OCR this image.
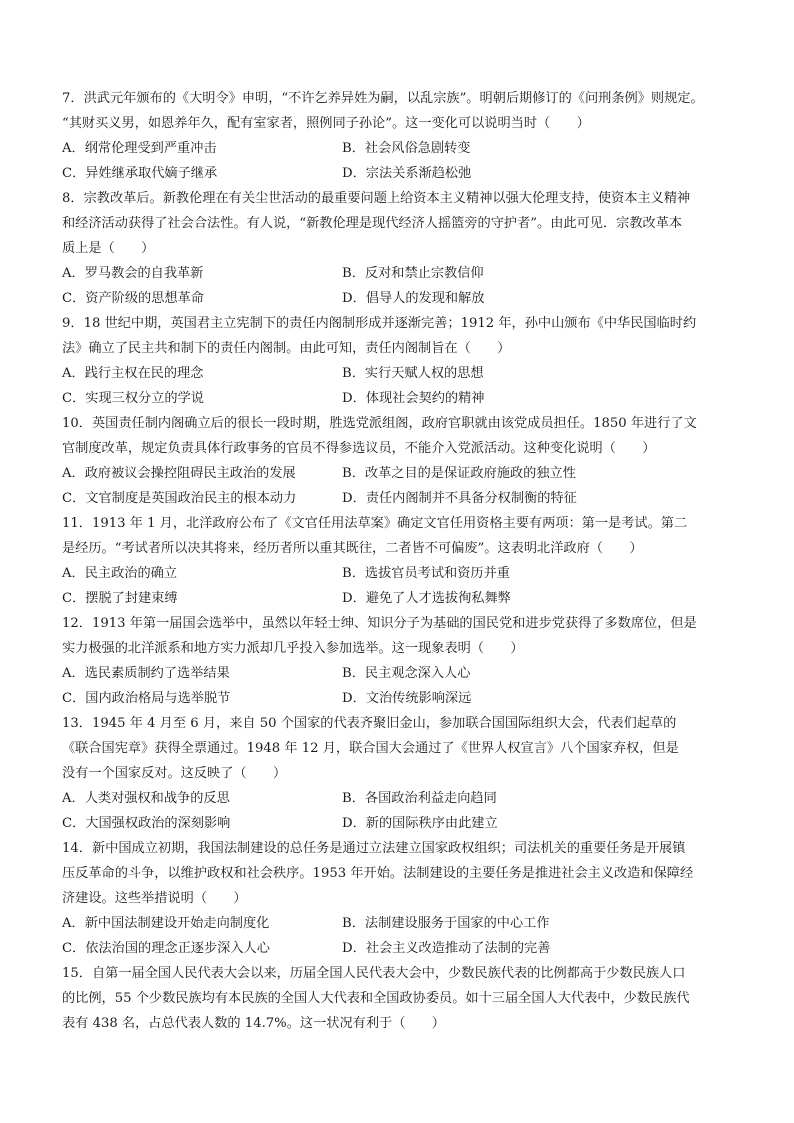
7．洪武元年颁布的《大明令》申明，“不许乞养异姓为嗣，以乱宗族”。明朝后期修订的《问刑条例》则规定。
“其财买义男，如恩养年久，配有室家者，照例同子孙论”。这一变化可以说明当时（　　）
A．纲常伦理受到严重冲击	B．社会风俗急剧转变
C．异姓继承取代嫡子继承	D．宗法关系渐趋松弛
8．宗教改革后。新教伦理在有关尘世活动的最重要问题上给资本主义精神以强大伦理支持，使资本主义精神
和经济活动获得了社会合法性。有人说，“新教伦理是现代经济人摇篮旁的守护者”。由此可见．宗教改革本
质上是（　　）
A．罗马教会的自我革新	B．反对和禁止宗教信仰
C．资产阶级的思想革命	D．倡导人的发现和解放
9．18 世纪中期，英国君主立宪制下的责任内阁制形成并逐渐完善；1912 年，孙中山颁布《中华民国临时约
法》确立了民主共和制下的责任内阁制。由此可知，责任内阁制旨在（　　）
A．践行主权在民的理念	B．实行天赋人权的思想
C．实现三权分立的学说	D．体现社会契约的精神
10．英国责任制内阁确立后的很长一段时期，胜选党派组阁，政府官职就由该党成员担任。1850 年进行了文
官制度改革，规定负责具体行政事务的官员不得参选议员，不能介入党派活动。这种变化说明（　　）
A．政府被议会操控阻碍民主政治的发展	B．改革之目的是保证政府施政的独立性
C．文官制度是英国政治民主的根本动力	D．责任内阁制并不具备分权制衡的特征
11．1913 年 1 月，北洋政府公布了《文官任用法草案》确定文官任用资格主要有两项：第一是考试。第二
是经历。“考试者所以决其将来，经历者所以重其既往，二者皆不可偏废”。这表明北洋政府（　　）
A．民主政治的确立	B．选拔官员考试和资历并重
C．摆脱了封建束缚	D．避免了人才选拔徇私舞弊
12．1913 年第一届国会选举中，虽然以年轻士绅、知识分子为基础的国民党和进步党获得了多数席位，但是
实力极强的北洋派系和地方实力派却几乎投入参加选举。这一现象表明（　　）
A．选民素质制约了选举结果	B．民主观念深入人心
C．国内政治格局与选举脱节	D．文治传统影响深远
13．1945 年 4 月至 6 月，来自 50 个国家的代表齐聚旧金山，参加联合国国际组织大会，代表们起草的
《联合国宪章》获得全票通过。1948 年 12 月，联合国大会通过了《世界人权宣言》八个国家弃权，但是
没有一个国家反对。这反映了（　　）
A．人类对强权和战争的反思	B．各国政治利益走向趋同
C．大国强权政治的深刻影响	D．新的国际秩序由此建立
14．新中国成立初期，我国法制建设的总任务是通过立法建立国家政权组织；司法机关的重要任务是开展镇
压反革命的斗争，以维护政权和社会秩序。1953 年开始。法制建设的主要任务是推进社会主义改造和保障经
济建设。这些举措说明（　　）
A．新中国法制建设开始走向制度化	B．法制建设服务于国家的中心工作
C．依法治国的理念正逐步深入人心	D．社会主义改造推动了法制的完善
15．自第一届全国人民代表大会以来，历届全国人民代表大会中，少数民族代表的比例都高于少数民族人口
的比例，55 个少数民族均有本民族的全国人大代表和全国政协委员。如十三届全国人大代表中，少数民族代
表有 438 名，占总代表人数的 14.7%。这一状况有利于（　　）
